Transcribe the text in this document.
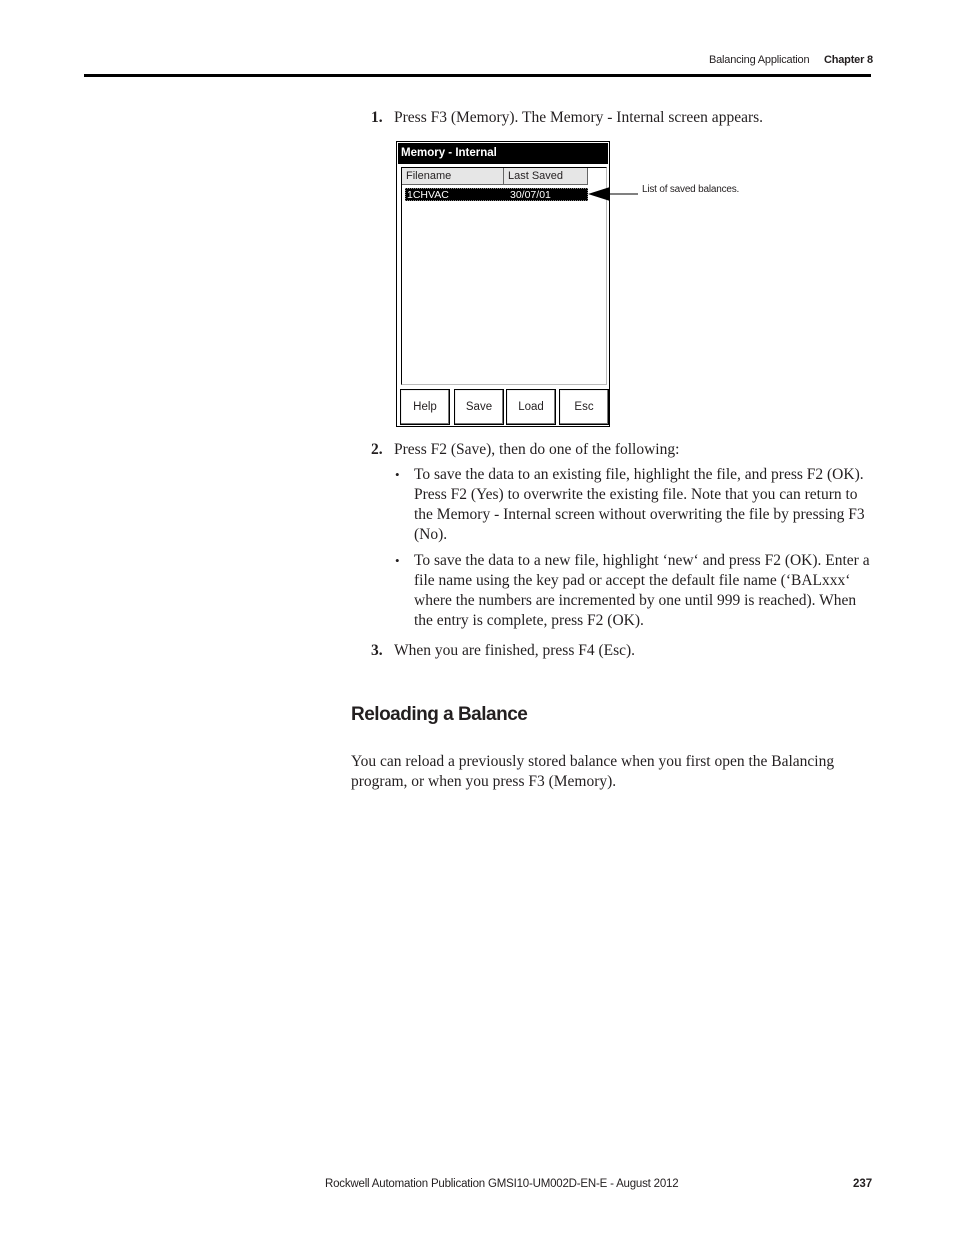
Balancing Application Chapter 8
1. Press F3 (Memory). The Memory - Internal screen appears.
Memory - Internal
Filename	Last Saved
1CHVAC	30/07/01
Help	Save	Load	Esc
List of saved balances.
2. Press F2 (Save), then do one of the following:
• To save the data to an existing file, highlight the file, and press F2 (OK). Press F2 (Yes) to overwrite the existing file. Note that you can return to the Memory - Internal screen without overwriting the file by pressing F3 (No).
• To save the data to a new file, highlight ‘new‘ and press F2 (OK). Enter a file name using the key pad or accept the default file name (‘BALxxx‘ where the numbers are incremented by one until 999 is reached). When the entry is complete, press F2 (OK).
3. When you are finished, press F4 (Esc).
Reloading a Balance
You can reload a previously stored balance when you first open the Balancing program, or when you press F3 (Memory).
Rockwell Automation Publication GMSI10-UM002D-EN-E - August 2012	237
